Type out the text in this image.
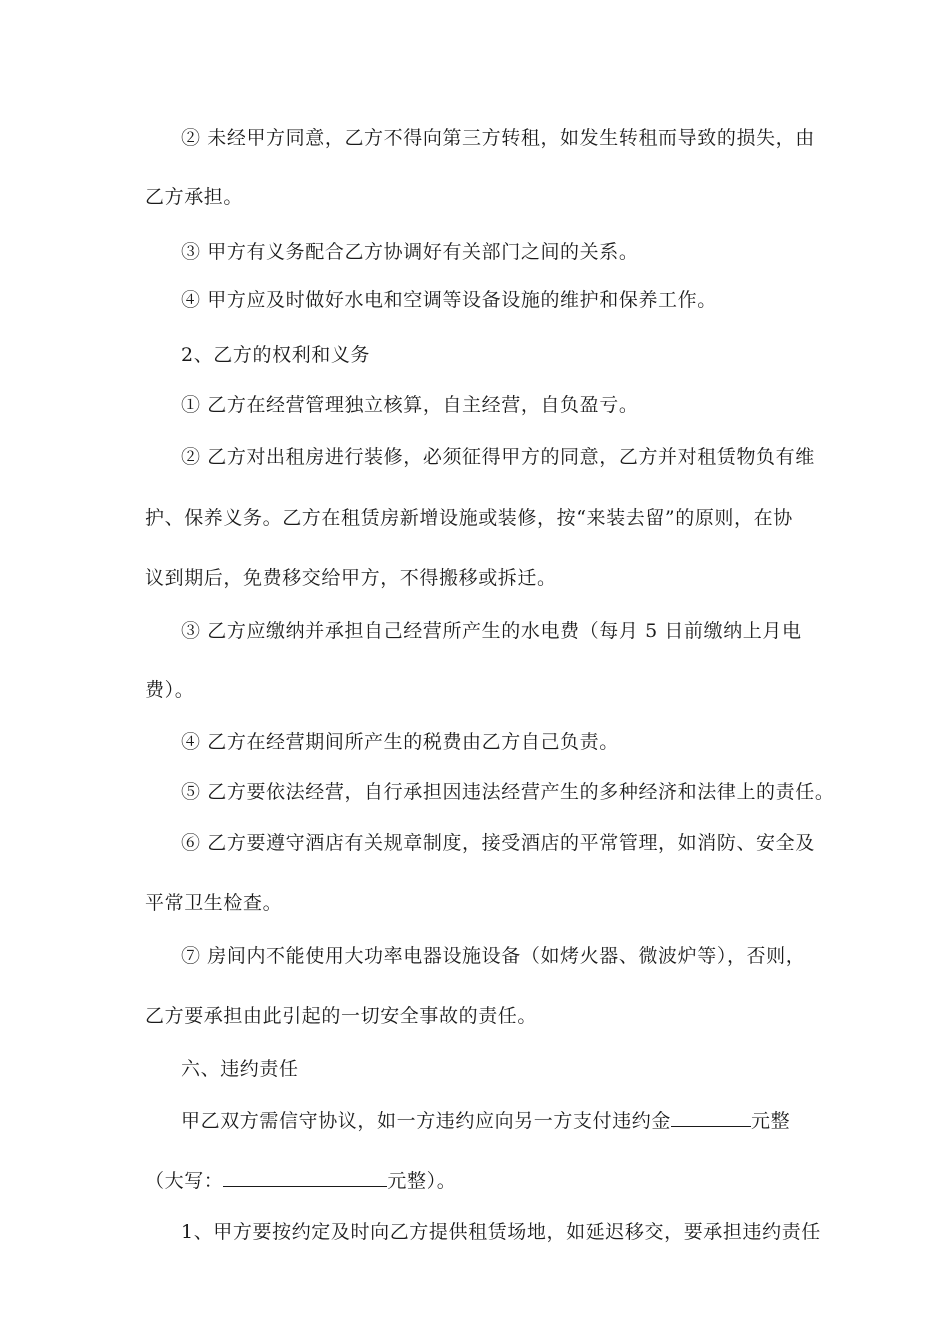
② 未经甲方同意，乙方不得向第三方转租，如发生转租而导致的损失，由
乙方承担。
③ 甲方有义务配合乙方协调好有关部门之间的关系。
④ 甲方应及时做好水电和空调等设备设施的维护和保养工作。
2、乙方的权利和义务
① 乙方在经营管理独立核算，自主经营，自负盈亏。
② 乙方对出租房进行装修，必须征得甲方的同意，乙方并对租赁物负有维
护、保养义务。乙方在租赁房新增设施或装修，按“来装去留”的原则，在协
议到期后，免费移交给甲方，不得搬移或拆迁。
③ 乙方应缴纳并承担自己经营所产生的水电费（每月 5 日前缴纳上月电
费）。
④ 乙方在经营期间所产生的税费由乙方自己负责。
⑤ 乙方要依法经营，自行承担因违法经营产生的多种经济和法律上的责任。
⑥ 乙方要遵守酒店有关规章制度，接受酒店的平常管理，如消防、安全及
平常卫生检查。
⑦ 房间内不能使用大功率电器设施设备（如烤火器、微波炉等），否则，
乙方要承担由此引起的一切安全事故的责任。
六、违约责任
甲乙双方需信守协议，如一方违约应向另一方支付违约金	元整
（大写：	元整）。
1、甲方要按约定及时向乙方提供租赁场地，如延迟移交，要承担违约责任
